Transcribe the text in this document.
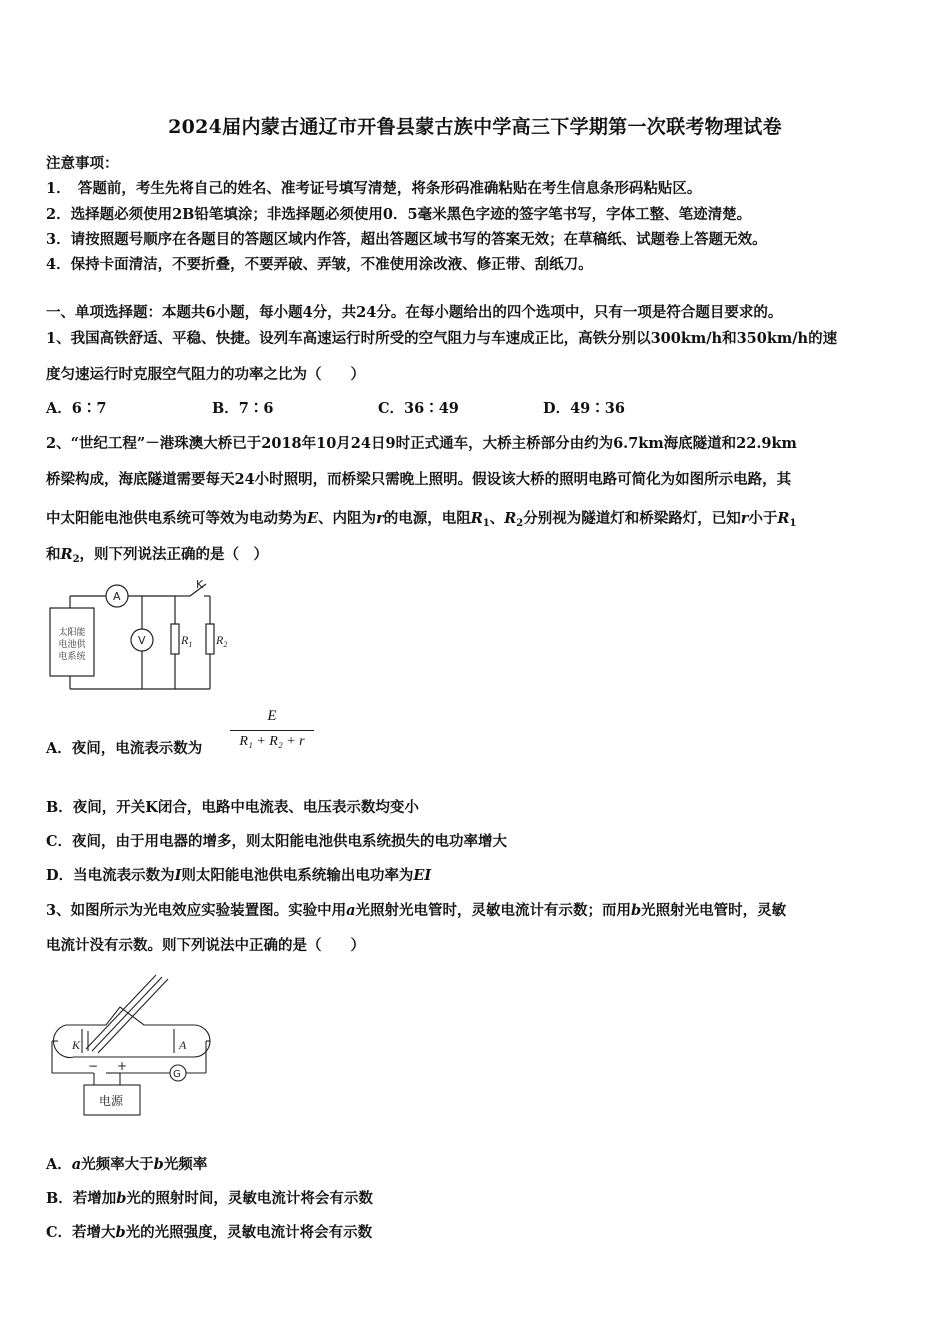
2024届内蒙古通辽市开鲁县蒙古族中学高三下学期第一次联考物理试卷
注意事项：
1．　答题前，考生先将自己的姓名、准考证号填写清楚，将条形码准确粘贴在考生信息条形码粘贴区。
2．选择题必须使用2B铅笔填涂；非选择题必须使用0．5毫米黑色字迹的签字笔书写，字体工整、笔迹清楚。
3．请按照题号顺序在各题目的答题区域内作答，超出答题区域书写的答案无效；在草稿纸、试题卷上答题无效。
4．保持卡面清洁，不要折叠，不要弄破、弄皱，不准使用涂改液、修正带、刮纸刀。
一、单项选择题：本题共6小题，每小题4分，共24分。在每小题给出的四个选项中，只有一项是符合题目要求的。
1、我国高铁舒适、平稳、快捷。设列车高速运行时所受的空气阻力与车速成正比，高铁分别以300km/h和350km/h的速
度匀速运行时克服空气阻力的功率之比为（　　）
A．6∶7	B．7∶6	C．36∶49	D．49∶36
2、“世纪工程”－港珠澳大桥已于2018年10月24日9时正式通车，大桥主桥部分由约为6.7km海底隧道和22.9km
桥梁构成，海底隧道需要每天24小时照明，而桥梁只需晚上照明。假设该大桥的照明电路可简化为如图所示电路，其
中太阳能电池供电系统可等效为电动势为E、内阻为r的电源，电阻$R_1$、$R_2$分别视为隧道灯和桥梁路灯，已知r小于$R_1$
和$R_2$，则下列说法正确的是（　）
A
V
K
$R_1$ $R_2$
太阳能
电池供
电系统
A．夜间，电流表示数为
E
R₁ + R₂ + r
B．夜间，开关K闭合，电路中电流表、电压表示数均变小
C．夜间，由于用电器的增多，则太阳能电池供电系统损失的电功率增大
D．当电流表示数为I则太阳能电池供电系统输出电功率为EI
3、如图所示为光电效应实验装置图。实验中用a光照射光电管时，灵敏电流计有示数；而用b光照射光电管时，灵敏
电流计没有示数。则下列说法中正确的是（　　）
K	A
− +
G
电源
A．a光频率大于b光频率
B．若增加b光的照射时间，灵敏电流计将会有示数
C．若增大b光的光照强度，灵敏电流计将会有示数
